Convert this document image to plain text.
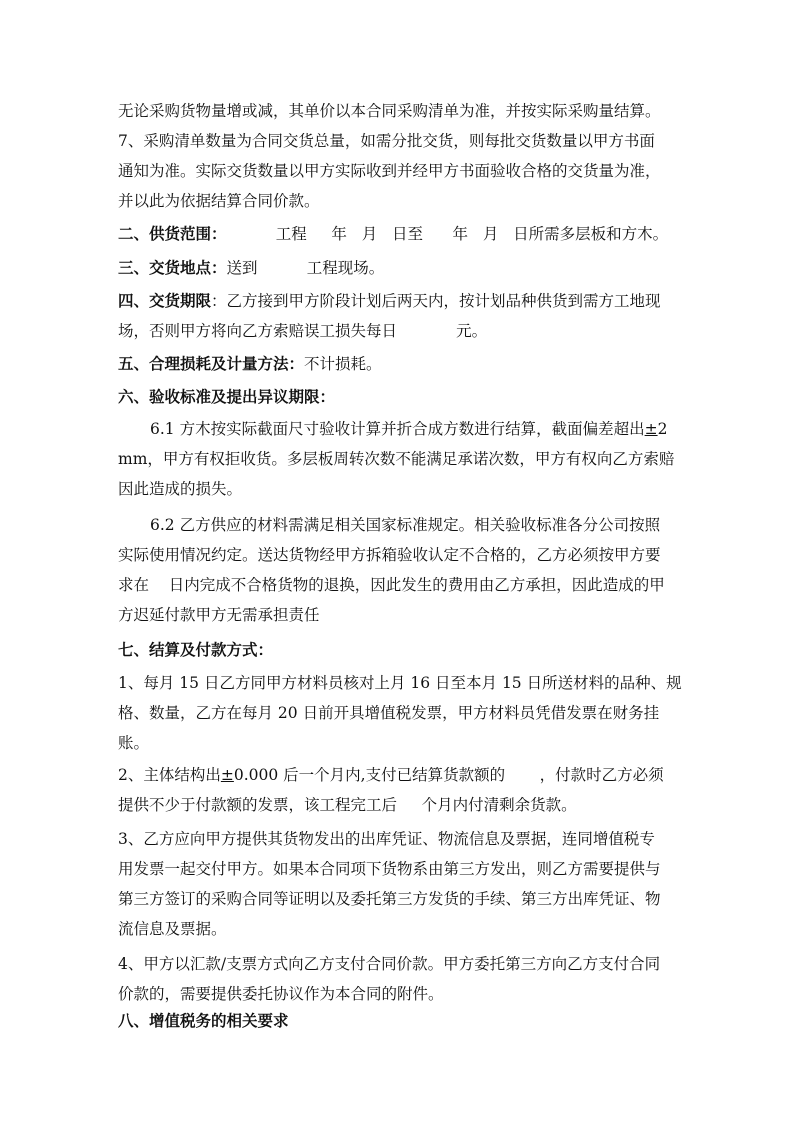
无论采购货物量增或减，其单价以本合同采购清单为准，并按实际采购量结算。
7、采购清单数量为合同交货总量，如需分批交货，则每批交货数量以甲方书面
通知为准。实际交货数量以甲方实际收到并经甲方书面验收合格的交货量为准，
并以此为依据结算合同价款。
二、供货范围：          工程     年   月   日至      年   月   日所需多层板和方木。
三、交货地点：送到          工程现场。
四、交货期限：乙方接到甲方阶段计划后两天内，按计划品种供货到需方工地现
场，否则甲方将向乙方索赔误工损失每日            元。
五、合理损耗及计量方法：不计损耗。
六、验收标准及提出异议期限：
6.1 方木按实际截面尺寸验收计算并折合成方数进行结算，截面偏差超出±2
mm，甲方有权拒收货。多层板周转次数不能满足承诺次数，甲方有权向乙方索赔
因此造成的损失。
6.2 乙方供应的材料需满足相关国家标准规定。相关验收标准各分公司按照
实际使用情况约定。送达货物经甲方拆箱验收认定不合格的，乙方必须按甲方要
求在    日内完成不合格货物的退换，因此发生的费用由乙方承担，因此造成的甲
方迟延付款甲方无需承担责任
七、结算及付款方式：
1、每月 15 日乙方同甲方材料员核对上月 16 日至本月 15 日所送材料的品种、规
格、数量，乙方在每月 20 日前开具增值税发票，甲方材料员凭借发票在财务挂
账。
2、主体结构出±0.000 后一个月内,支付已结算货款额的       ，付款时乙方必须
提供不少于付款额的发票，该工程完工后     个月内付清剩余货款。
3、乙方应向甲方提供其货物发出的出库凭证、物流信息及票据，连同增值税专
用发票一起交付甲方。如果本合同项下货物系由第三方发出，则乙方需要提供与
第三方签订的采购合同等证明以及委托第三方发货的手续、第三方出库凭证、物
流信息及票据。
4、甲方以汇款/支票方式向乙方支付合同价款。甲方委托第三方向乙方支付合同
价款的，需要提供委托协议作为本合同的附件。
八、增值税务的相关要求
